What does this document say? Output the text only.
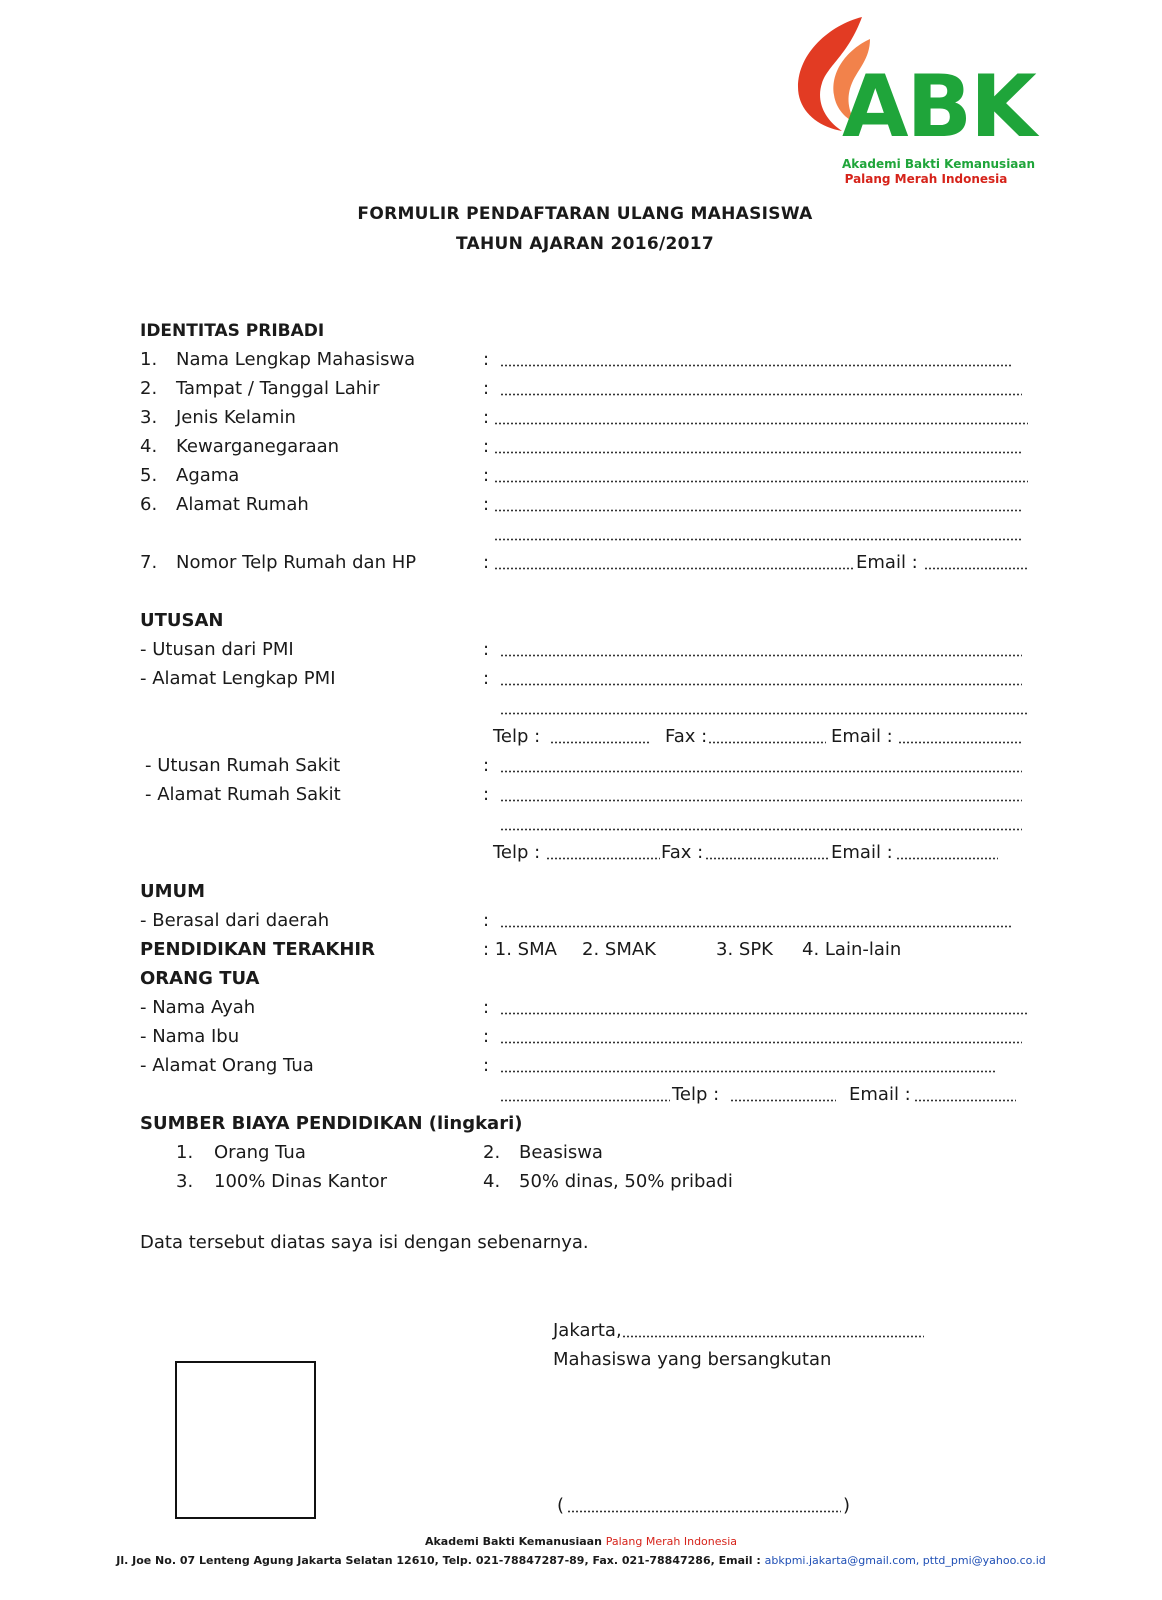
ABK
Akademi Bakti Kemanusiaan
Palang Merah Indonesia
FORMULIR PENDAFTARAN ULANG MAHASISWA
TAHUN AJARAN 2016/2017
IDENTITAS PRIBADI
1. Nama Lengkap Mahasiswa	:
2. Tampat / Tanggal Lahir	:
3. Jenis Kelamin	:
4. Kewarganegaraan	:
5. Agama	:
6. Alamat Rumah	:
7. Nomor Telp Rumah dan HP	:	Email :
UTUSAN
- Utusan dari PMI	:
- Alamat Lengkap PMI	:
Telp :	Fax :	Email :
- Utusan Rumah Sakit	:
- Alamat Rumah Sakit	:
Telp :	Fax :	Email :
UMUM
- Berasal dari daerah	:
PENDIDIKAN TERAKHIR	: 1. SMA 2. SMAK	3. SPK 4. Lain-lain
ORANG TUA
- Nama Ayah	:
- Nama Ibu	:
- Alamat Orang Tua	:
Telp :	Email :
SUMBER BIAYA PENDIDIKAN (lingkari)
1. Orang Tua	2. Beasiswa
3. 100% Dinas Kantor	4. 50% dinas, 50% pribadi
Data tersebut diatas saya isi dengan sebenarnya.
Jakarta,
Mahasiswa yang bersangkutan
(	)
Akademi Bakti Kemanusiaan Palang Merah Indonesia
Jl. Joe No. 07 Lenteng Agung Jakarta Selatan 12610, Telp. 021-78847287-89, Fax. 021-78847286, Email : abkpmi.jakarta@gmail.com, pttd_pmi@yahoo.co.id
